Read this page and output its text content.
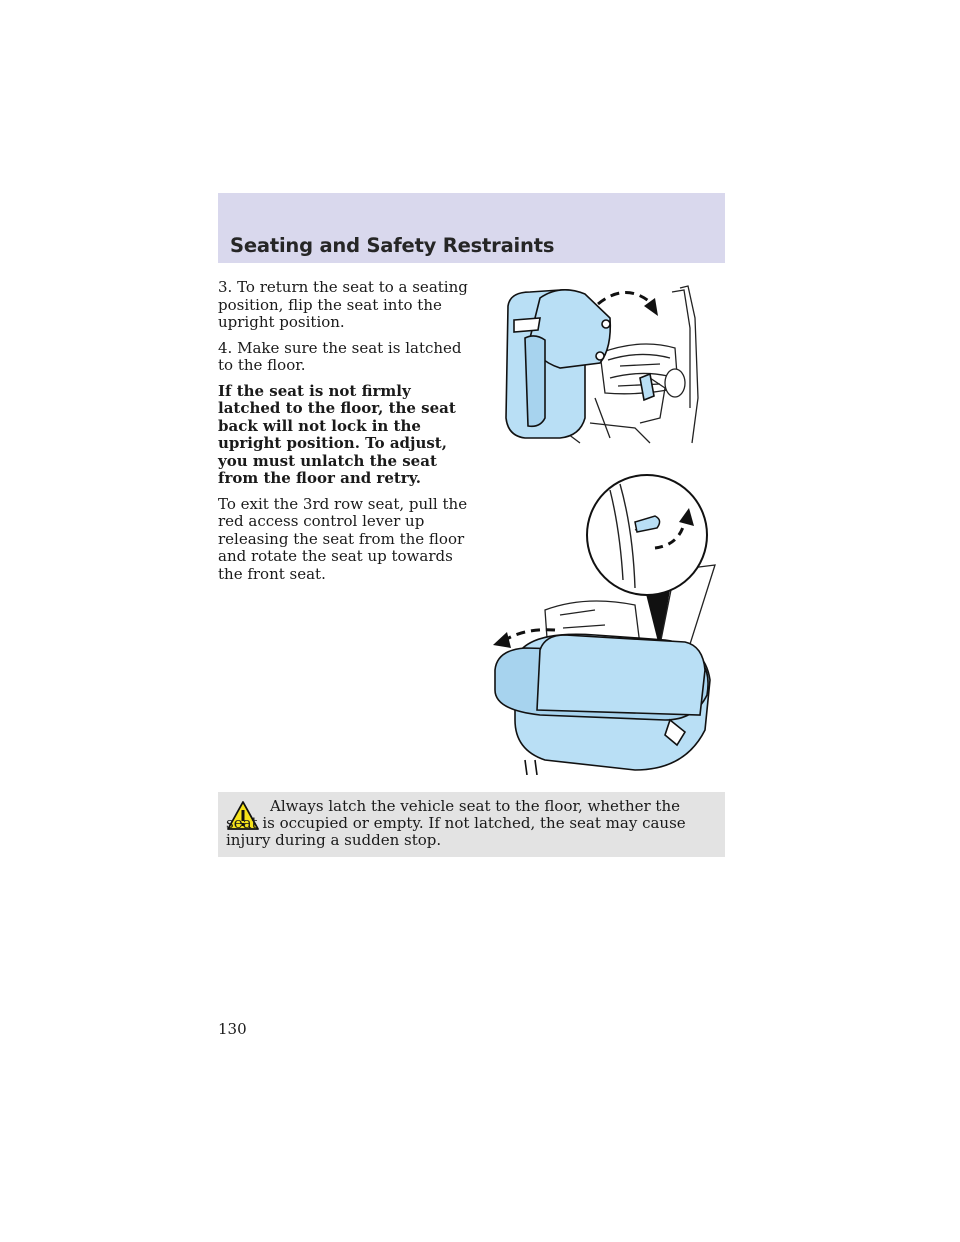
Seating and Safety Restraints

3. To return the seat to a seating position, flip the seat into the upright position.

4. Make sure the seat is latched to the floor.

If the seat is not firmly latched to the floor, the seat back will not lock in the upright position. To adjust, you must unlatch the seat from the floor and retry.

To exit the 3rd row seat, pull the red access control lever up releasing the seat from the floor and rotate the seat up towards the front seat.

Always latch the vehicle seat to the floor, whether the seat is occupied or empty. If not latched, the seat may cause injury during a sudden stop.
130
